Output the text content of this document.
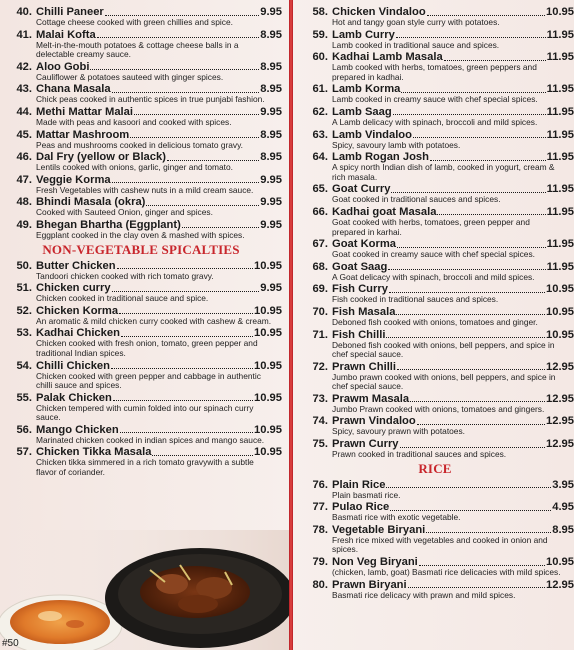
40. Chilli Paneer	9.95
Cottage cheese cooked with green chillies and spice.
41. Malai Kofta	8.95
Melt-in-the-mouth potatoes & cottage cheese balls in a delectable creamy sauce.
42. Aloo Gobi	8.95
Cauliflower & potatoes sauteed with ginger spices.
43. Chana Masala	8.95
Chick peas cooked in authentic spices in true punjabi fashion.
44. Methi Mattar Malai	9.95
Made with peas and kasoori and cooked with spices.
45. Mattar Mashroom	8.95
Peas and mushrooms cooked in delicious tomato gravy.
46. Dal Fry (yellow or Black)	8.95
Lentils cooked with onions, garlic, ginger and tomato.
47. Veggie Korma	9.95
Fresh Vegetables with cashew nuts in a mild cream sauce.
48. Bhindi Masala (okra)	9.95
Cooked with Sauteed Onion, ginger and spices.
49. Bhegan Bhartha (Eggplant)	9.95
Eggplant cooked in the clay oven & mashed with spices.
NON-VEGETABLE SPICALTIES
50. Butter Chicken	10.95
Tandoori chicken cooked with rich tomato gravy.
51. Chicken curry	9.95
Chicken cooked in traditional sauce and spice.
52. Chicken Korma	10.95
An aromatic & mild chicken curry cooked with cashew & cream.
53. Kadhai Chicken	10.95
Chicken cooked with fresh onion, tomato, green pepper and traditional Indian spices.
54. Chilli Chicken	10.95
Chicken cooked with green pepper and cabbage in authentic chilli sauce and spices.
55. Palak Chicken	10.95
Chicken tempered with cumin folded into our spinach curry sauce.
56. Mango Chicken	10.95
Marinated chicken cooked in indian spices and mango sauce.
57. Chicken Tikka Masala	10.95
Chicken tikka simmered in a rich tomato gravywith a subtle flavor of coriander.
58. Chicken Vindaloo	10.95
Hot and tangy goan style curry with potatoes.
59. Lamb Curry	11.95
Lamb cooked in traditional sauce and spices.
60. Kadhai Lamb Masala	11.95
Lamb cooked with herbs, tomatoes, green peppers and prepared in kadhai.
61. Lamb Korma	11.95
Lamb cooked in creamy sauce with chef special spices.
62. Lamb Saag	11.95
A Lamb delicacy with spinach, broccoli and mild spices.
63. Lamb Vindaloo	11.95
Spicy, savoury lamb with potatoes.
64. Lamb Rogan Josh	11.95
A spicy north Indian dish of lamb, cooked in yogurt, cream & rich masala.
65. Goat Curry	11.95
Goat cooked in traditional sauces and spices.
66. Kadhai goat Masala	11.95
Goat cooked with herbs, tomatoes, green pepper and prepared in karhai.
67. Goat Korma	11.95
Goat cooked in creamy sauce with chef special spices.
68. Goat Saag	11.95
A Goat delicacy with spinach, broccoli and mild spices.
69. Fish Curry	10.95
Fish cooked in traditional sauces and spices.
70. Fish Masala	10.95
Deboned fish cooked with onions, tomatoes and ginger.
71. Fish Chilli	10.95
Deboned fish cooked with onions, bell peppers, and spice in chef special sauce.
72. Prawn Chilli	12.95
Jumbo prawn cooked with onions, bell peppers, and spice in chef special sauce.
73. Prawm Masala	12.95
Jumbo Prawn cooked with onions, tomatoes and gingers.
74. Prawn Vindaloo	12.95
Spicy, savoury prawn with potatoes.
75. Prawn Curry	12.95
Prawn cooked in traditional sauces and spices.
RICE
76. Plain Rice	3.95
Plain basmati rice.
77. Pulao Rice	4.95
Basmati rice with exotic vegetable.
78. Vegetable Biryani	8.95
Fresh rice mixed with vegetables and cooked in onion and spices.
79. Non Veg Biryani	10.95
(chicken, lamb, goat) Basmati rice delicacies with mild spices.
80. Prawn Biryani	12.95
Basmati rice delicacy with prawn and mild spices.
#50
